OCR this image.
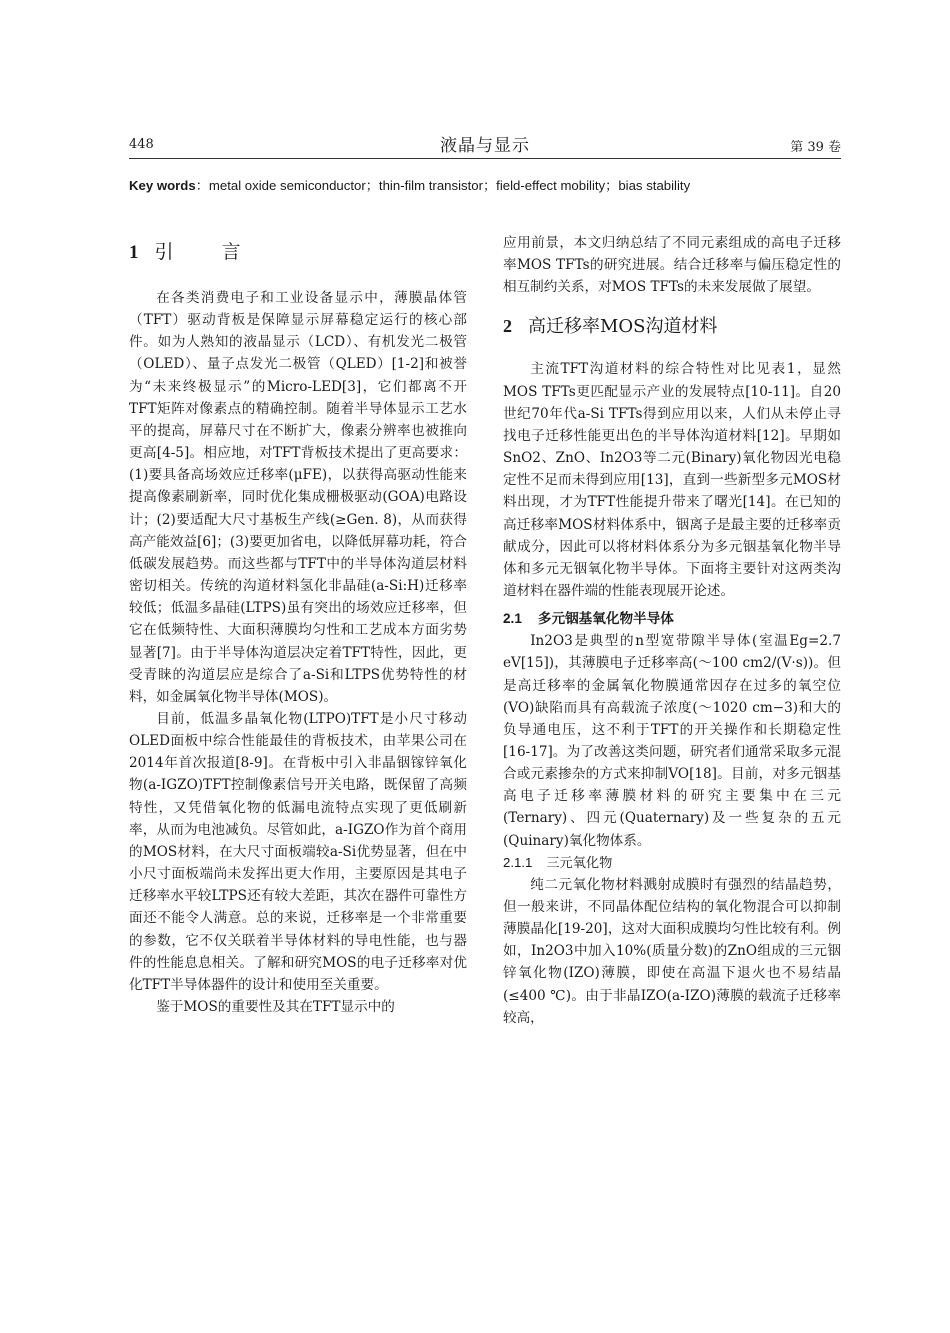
448	液晶与显示	第 39 卷
Key words：metal oxide semiconductor；thin-film transistor；field-effect mobility；bias stability
1 引言

在各类消费电子和工业设备显示中，薄膜晶体管（TFT）驱动背板是保障显示屏幕稳定运行的核心部件。如为人熟知的液晶显示（LCD）、有机发光二极管（OLED）、量子点发光二极管（QLED）[1-2]和被誉为“未来终极显示”的Micro-LED[3]，它们都离不开TFT矩阵对像素点的精确控制。随着半导体显示工艺水平的提高，屏幕尺寸在不断扩大，像素分辨率也被推向更高[4-5]。相应地，对TFT背板技术提出了更高要求：(1)要具备高场效应迁移率(μFE)，以获得高驱动性能来提高像素刷新率，同时优化集成栅极驱动(GOA)电路设计；(2)要适配大尺寸基板生产线(≥Gen. 8)，从而获得高产能效益[6]；(3)要更加省电，以降低屏幕功耗，符合低碳发展趋势。而这些都与TFT中的半导体沟道层材料密切相关。传统的沟道材料氢化非晶硅(a-Si:H)迁移率较低；低温多晶硅(LTPS)虽有突出的场效应迁移率，但它在低频特性、大面积薄膜均匀性和工艺成本方面劣势显著[7]。由于半导体沟道层决定着TFT特性，因此，更受青睐的沟道层应是综合了a-Si和LTPS优势特性的材料，如金属氧化物半导体(MOS)。

目前，低温多晶氧化物(LTPO)TFT是小尺寸移动OLED面板中综合性能最佳的背板技术，由苹果公司在2014年首次报道[8-9]。在背板中引入非晶铟镓锌氧化物(a-IGZO)TFT控制像素信号开关电路，既保留了高频特性，又凭借氧化物的低漏电流特点实现了更低刷新率，从而为电池减负。尽管如此，a-IGZO作为首个商用的MOS材料，在大尺寸面板端较a-Si优势显著，但在中小尺寸面板端尚未发挥出更大作用，主要原因是其电子迁移率水平较LTPS还有较大差距，其次在器件可靠性方面还不能令人满意。总的来说，迁移率是一个非常重要的参数，它不仅关联着半导体材料的导电性能，也与器件的性能息息相关。了解和研究MOS的电子迁移率对优化TFT半导体器件的设计和使用至关重要。

鉴于MOS的重要性及其在TFT显示中的

应用前景，本文归纳总结了不同元素组成的高电子迁移率MOS TFTs的研究进展。结合迁移率与偏压稳定性的相互制约关系，对MOS TFTs的未来发展做了展望。
2 高迁移率MOS沟道材料

主流TFT沟道材料的综合特性对比见表1，显然MOS TFTs更匹配显示产业的发展特点[10-11]。自20世纪70年代a-Si TFTs得到应用以来，人们从未停止寻找电子迁移性能更出色的半导体沟道材料[12]。早期如SnO2、ZnO、In2O3等二元(Binary)氧化物因光电稳定性不足而未得到应用[13]，直到一些新型多元MOS材料出现，才为TFT性能提升带来了曙光[14]。在已知的高迁移率MOS材料体系中，铟离子是最主要的迁移率贡献成分，因此可以将材料体系分为多元铟基氧化物半导体和多元无铟氧化物半导体。下面将主要针对这两类沟道材料在器件端的性能表现展开论述。

2.1 多元铟基氧化物半导体

In2O3是典型的n型宽带隙半导体(室温Eg=2.7 eV[15])，其薄膜电子迁移率高(～100 cm2/(V·s))。但是高迁移率的金属氧化物膜通常因存在过多的氧空位(VO)缺陷而具有高载流子浓度(～1020 cm−3)和大的负导通电压，这不利于TFT的开关操作和长期稳定性[16-17]。为了改善这类问题，研究者们通常采取多元混合或元素掺杂的方式来抑制VO[18]。目前，对多元铟基高电子迁移率薄膜材料的研究主要集中在三元(Ternary)、四元(Quaternary)及一些复杂的五元(Quinary)氧化物体系。

2.1.1 三元氧化物

纯二元氧化物材料溅射成膜时有强烈的结晶趋势，但一般来讲，不同晶体配位结构的氧化物混合可以抑制薄膜晶化[19-20]，这对大面积成膜均匀性比较有利。例如，In2O3中加入10%(质量分数)的ZnO组成的三元铟锌氧化物(IZO)薄膜，即使在高温下退火也不易结晶(≤400 ℃)。由于非晶IZO(a-IZO)薄膜的载流子迁移率较高，
